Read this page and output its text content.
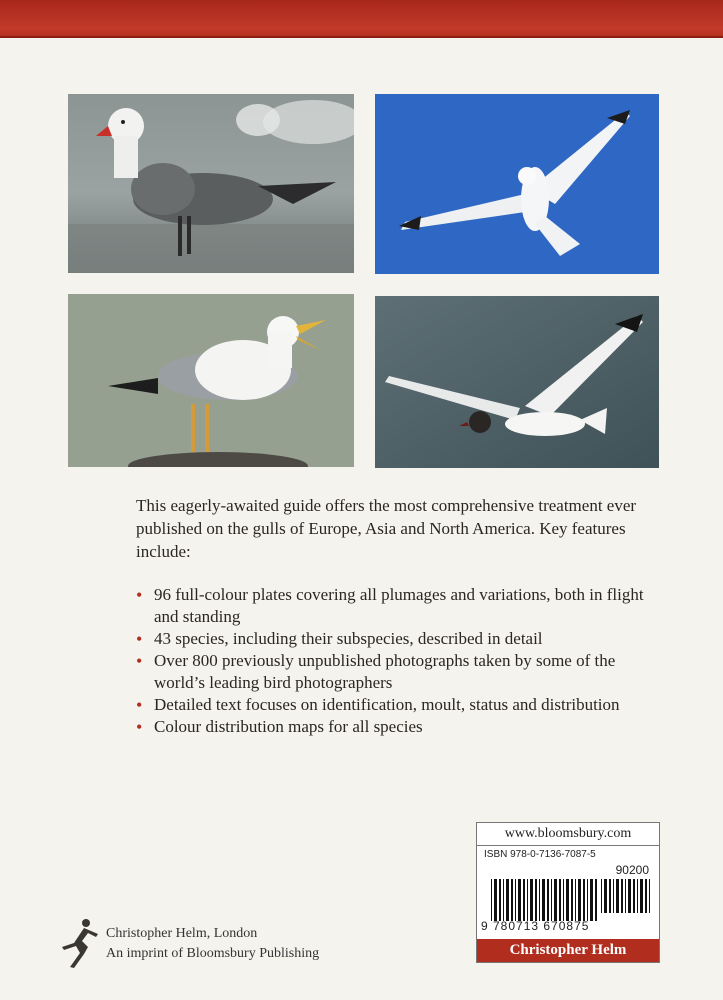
This eagerly-awaited guide offers the most comprehensive treatment ever published on the gulls of Europe, Asia and North America. Key features include:

• 96 full-colour plates covering all plumages and variations, both in flight and standing
• 43 species, including their subspecies, described in detail
• Over 800 previously unpublished photographs taken by some of the world’s leading bird photographers
• Detailed text focuses on identification, moult, status and distribution
• Colour distribution maps for all species
www.bloomsbury.com
ISBN 978-0-7136-7087-5
90200
9 780713 670875
Christopher Helm
Christopher Helm, London
An imprint of Bloomsbury Publishing
